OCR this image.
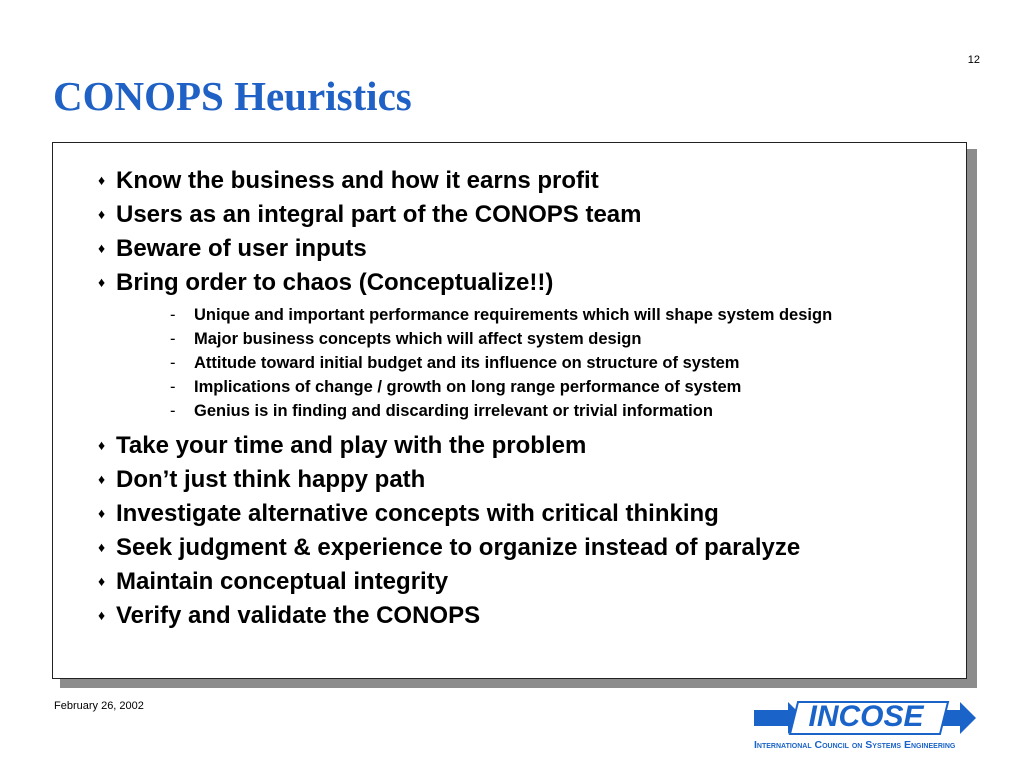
12
CONOPS Heuristics
♦ Know the business and how it earns profit
♦ Users as an integral part of the CONOPS team
♦ Beware of user inputs
♦ Bring order to chaos (Conceptualize!!)
-	Unique and important performance requirements which will shape system design
-	Major business concepts which will affect system design
-	Attitude toward initial budget and its influence on structure of system
-	Implications of change / growth on long range performance of system
-	Genius is in finding and discarding irrelevant or trivial information
♦ Take your time and play with the problem
♦ Don’t just think happy path
♦ Investigate alternative concepts with critical thinking
♦ Seek judgment & experience to organize instead of paralyze
♦ Maintain conceptual integrity
♦ Verify and validate the CONOPS
February 26, 2002	INCOSE
International Council on Systems Engineering
